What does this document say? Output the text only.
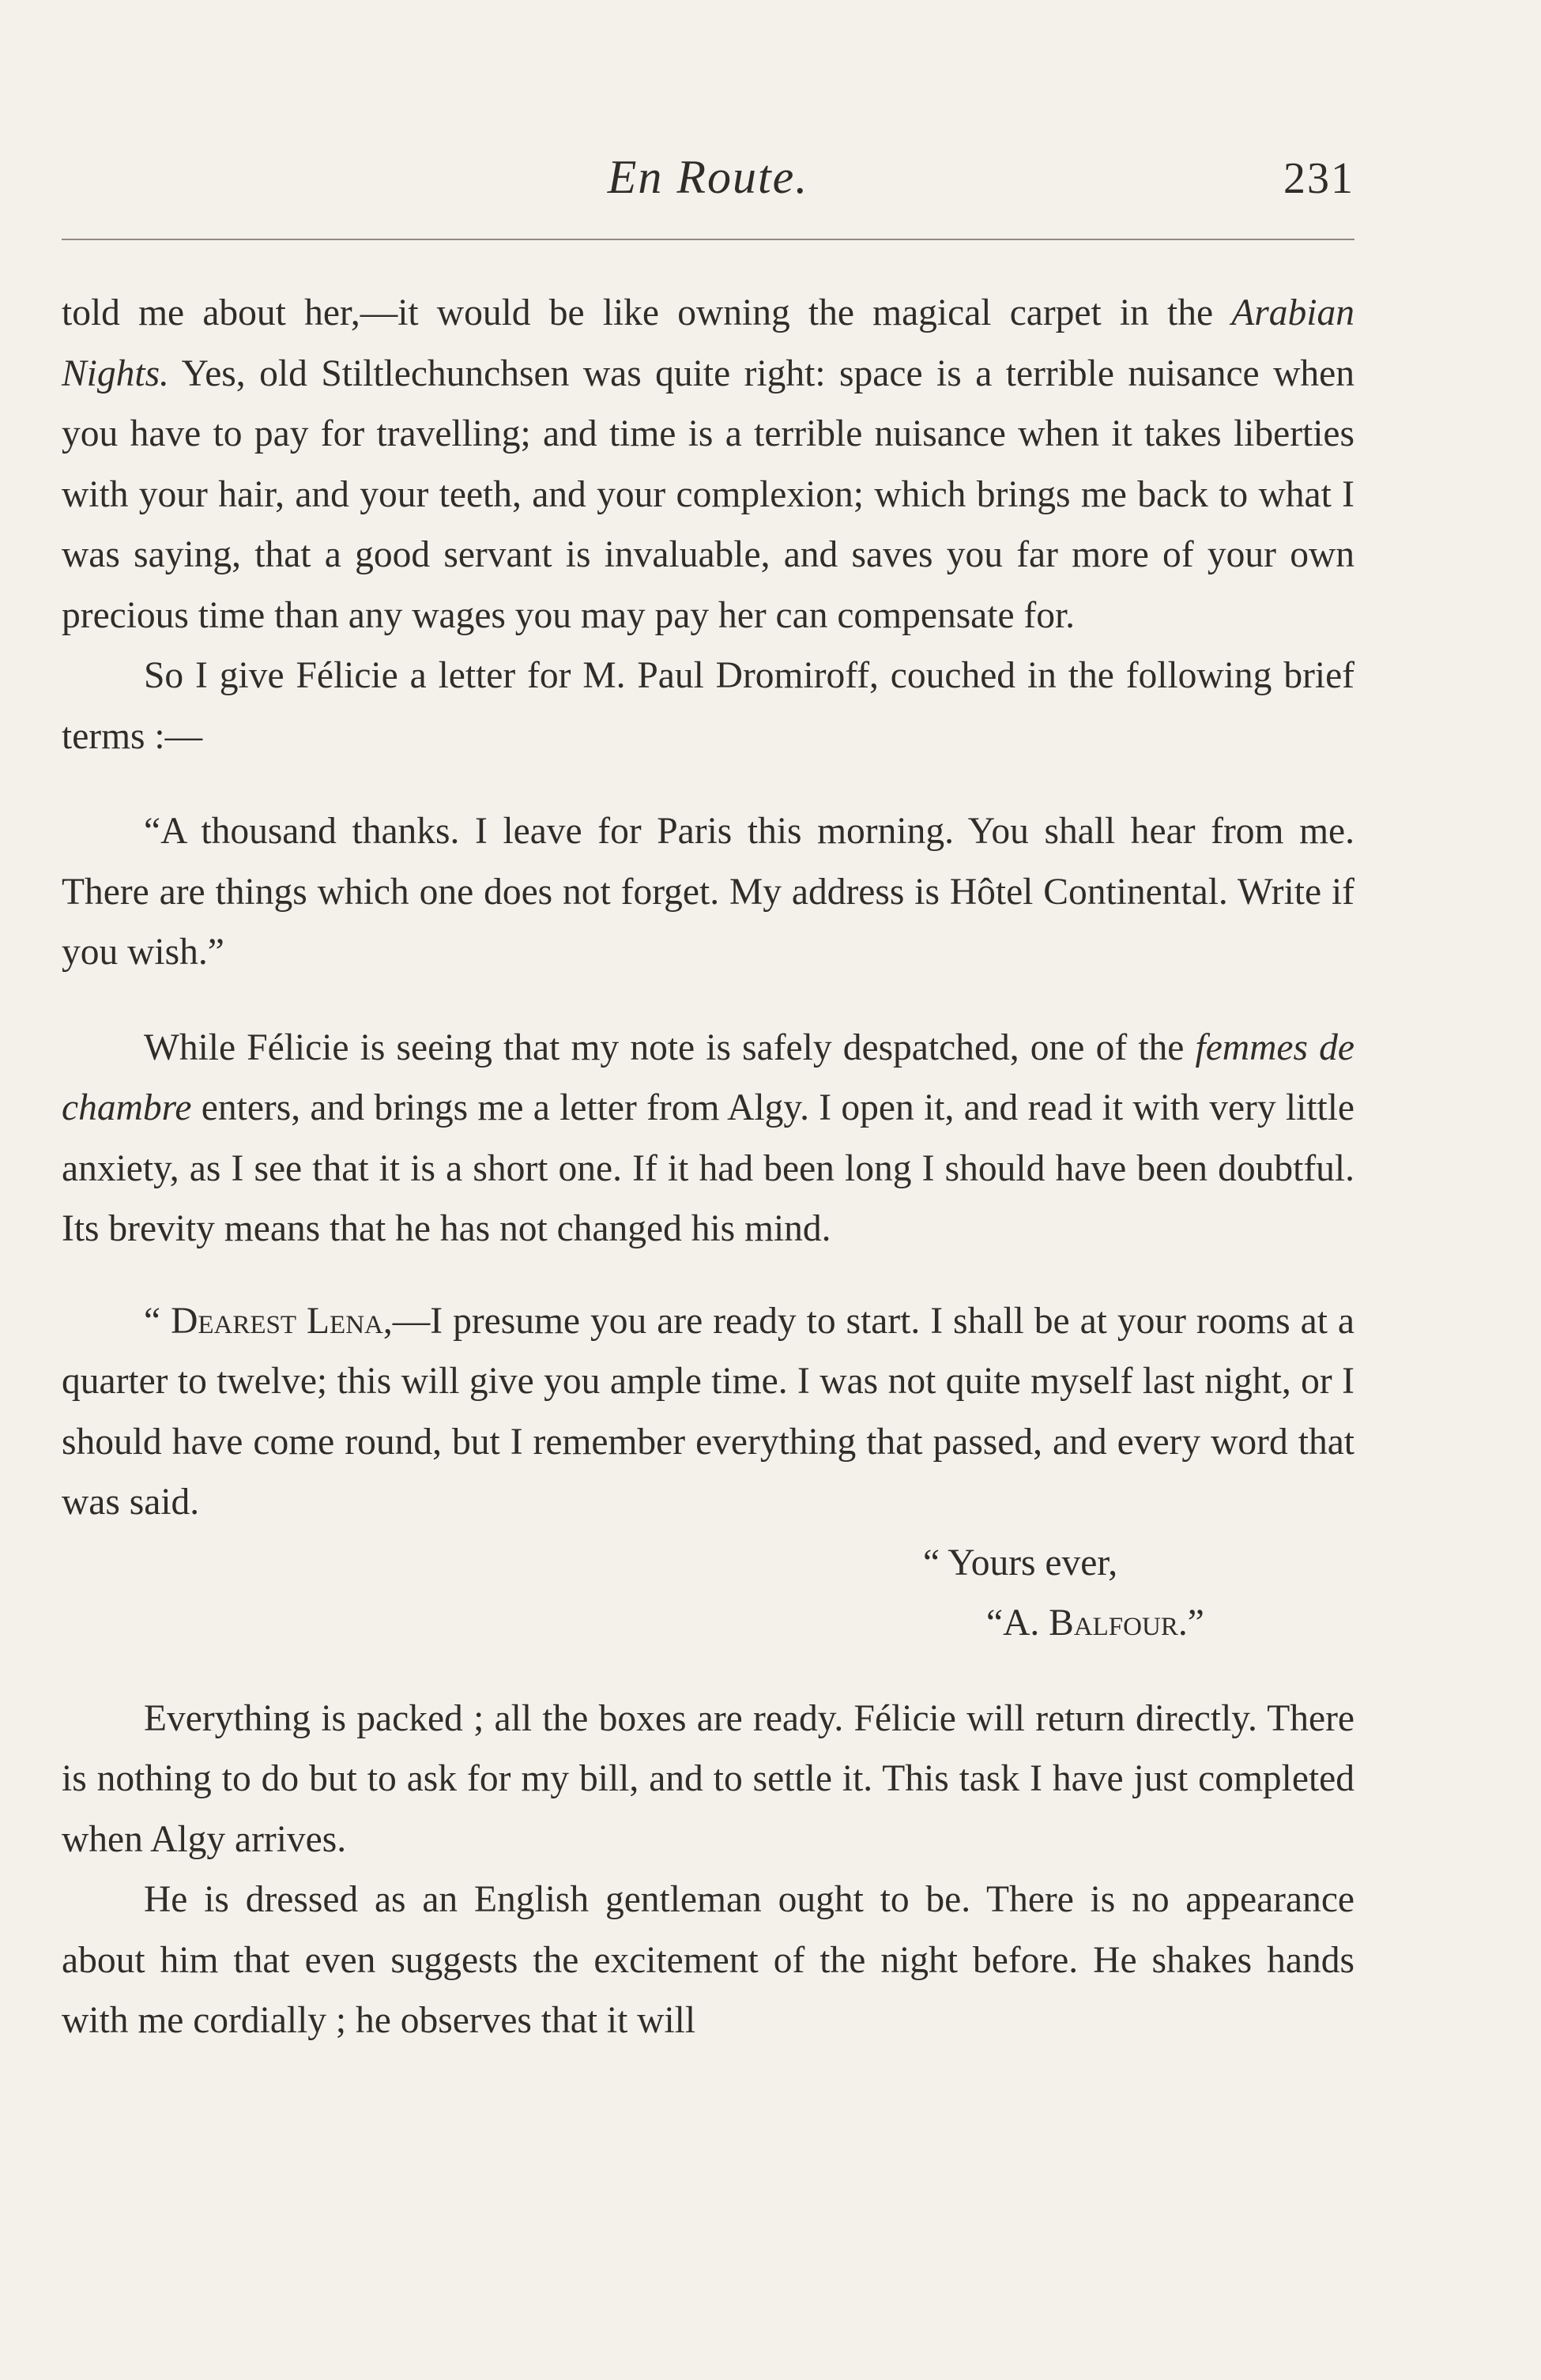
En Route.	231

told me about her,—it would be like owning the magical carpet in the Arabian Nights. Yes, old Stiltlechunchsen was quite right: space is a terrible nuisance when you have to pay for travelling; and time is a terrible nuisance when it takes liberties with your hair, and your teeth, and your complexion; which brings me back to what I was saying, that a good servant is invaluable, and saves you far more of your own precious time than any wages you may pay her can compensate for.

So I give Félicie a letter for M. Paul Dromiroff, couched in the following brief terms :—

“A thousand thanks. I leave for Paris this morning. You shall hear from me. There are things which one does not forget. My address is Hôtel Continental. Write if you wish.”

While Félicie is seeing that my note is safely despatched, one of the femmes de chambre enters, and brings me a letter from Algy. I open it, and read it with very little anxiety, as I see that it is a short one. If it had been long I should have been doubtful. Its brevity means that he has not changed his mind.

“ Dearest Lena,—I presume you are ready to start. I shall be at your rooms at a quarter to twelve; this will give you ample time. I was not quite myself last night, or I should have come round, but I remember everything that passed, and every word that was said.

“ Yours ever,

“A. Balfour.”

Everything is packed ; all the boxes are ready. Félicie will return directly. There is nothing to do but to ask for my bill, and to settle it. This task I have just completed when Algy arrives.

He is dressed as an English gentleman ought to be. There is no appearance about him that even suggests the excitement of the night before. He shakes hands with me cordially ; he observes that it will
